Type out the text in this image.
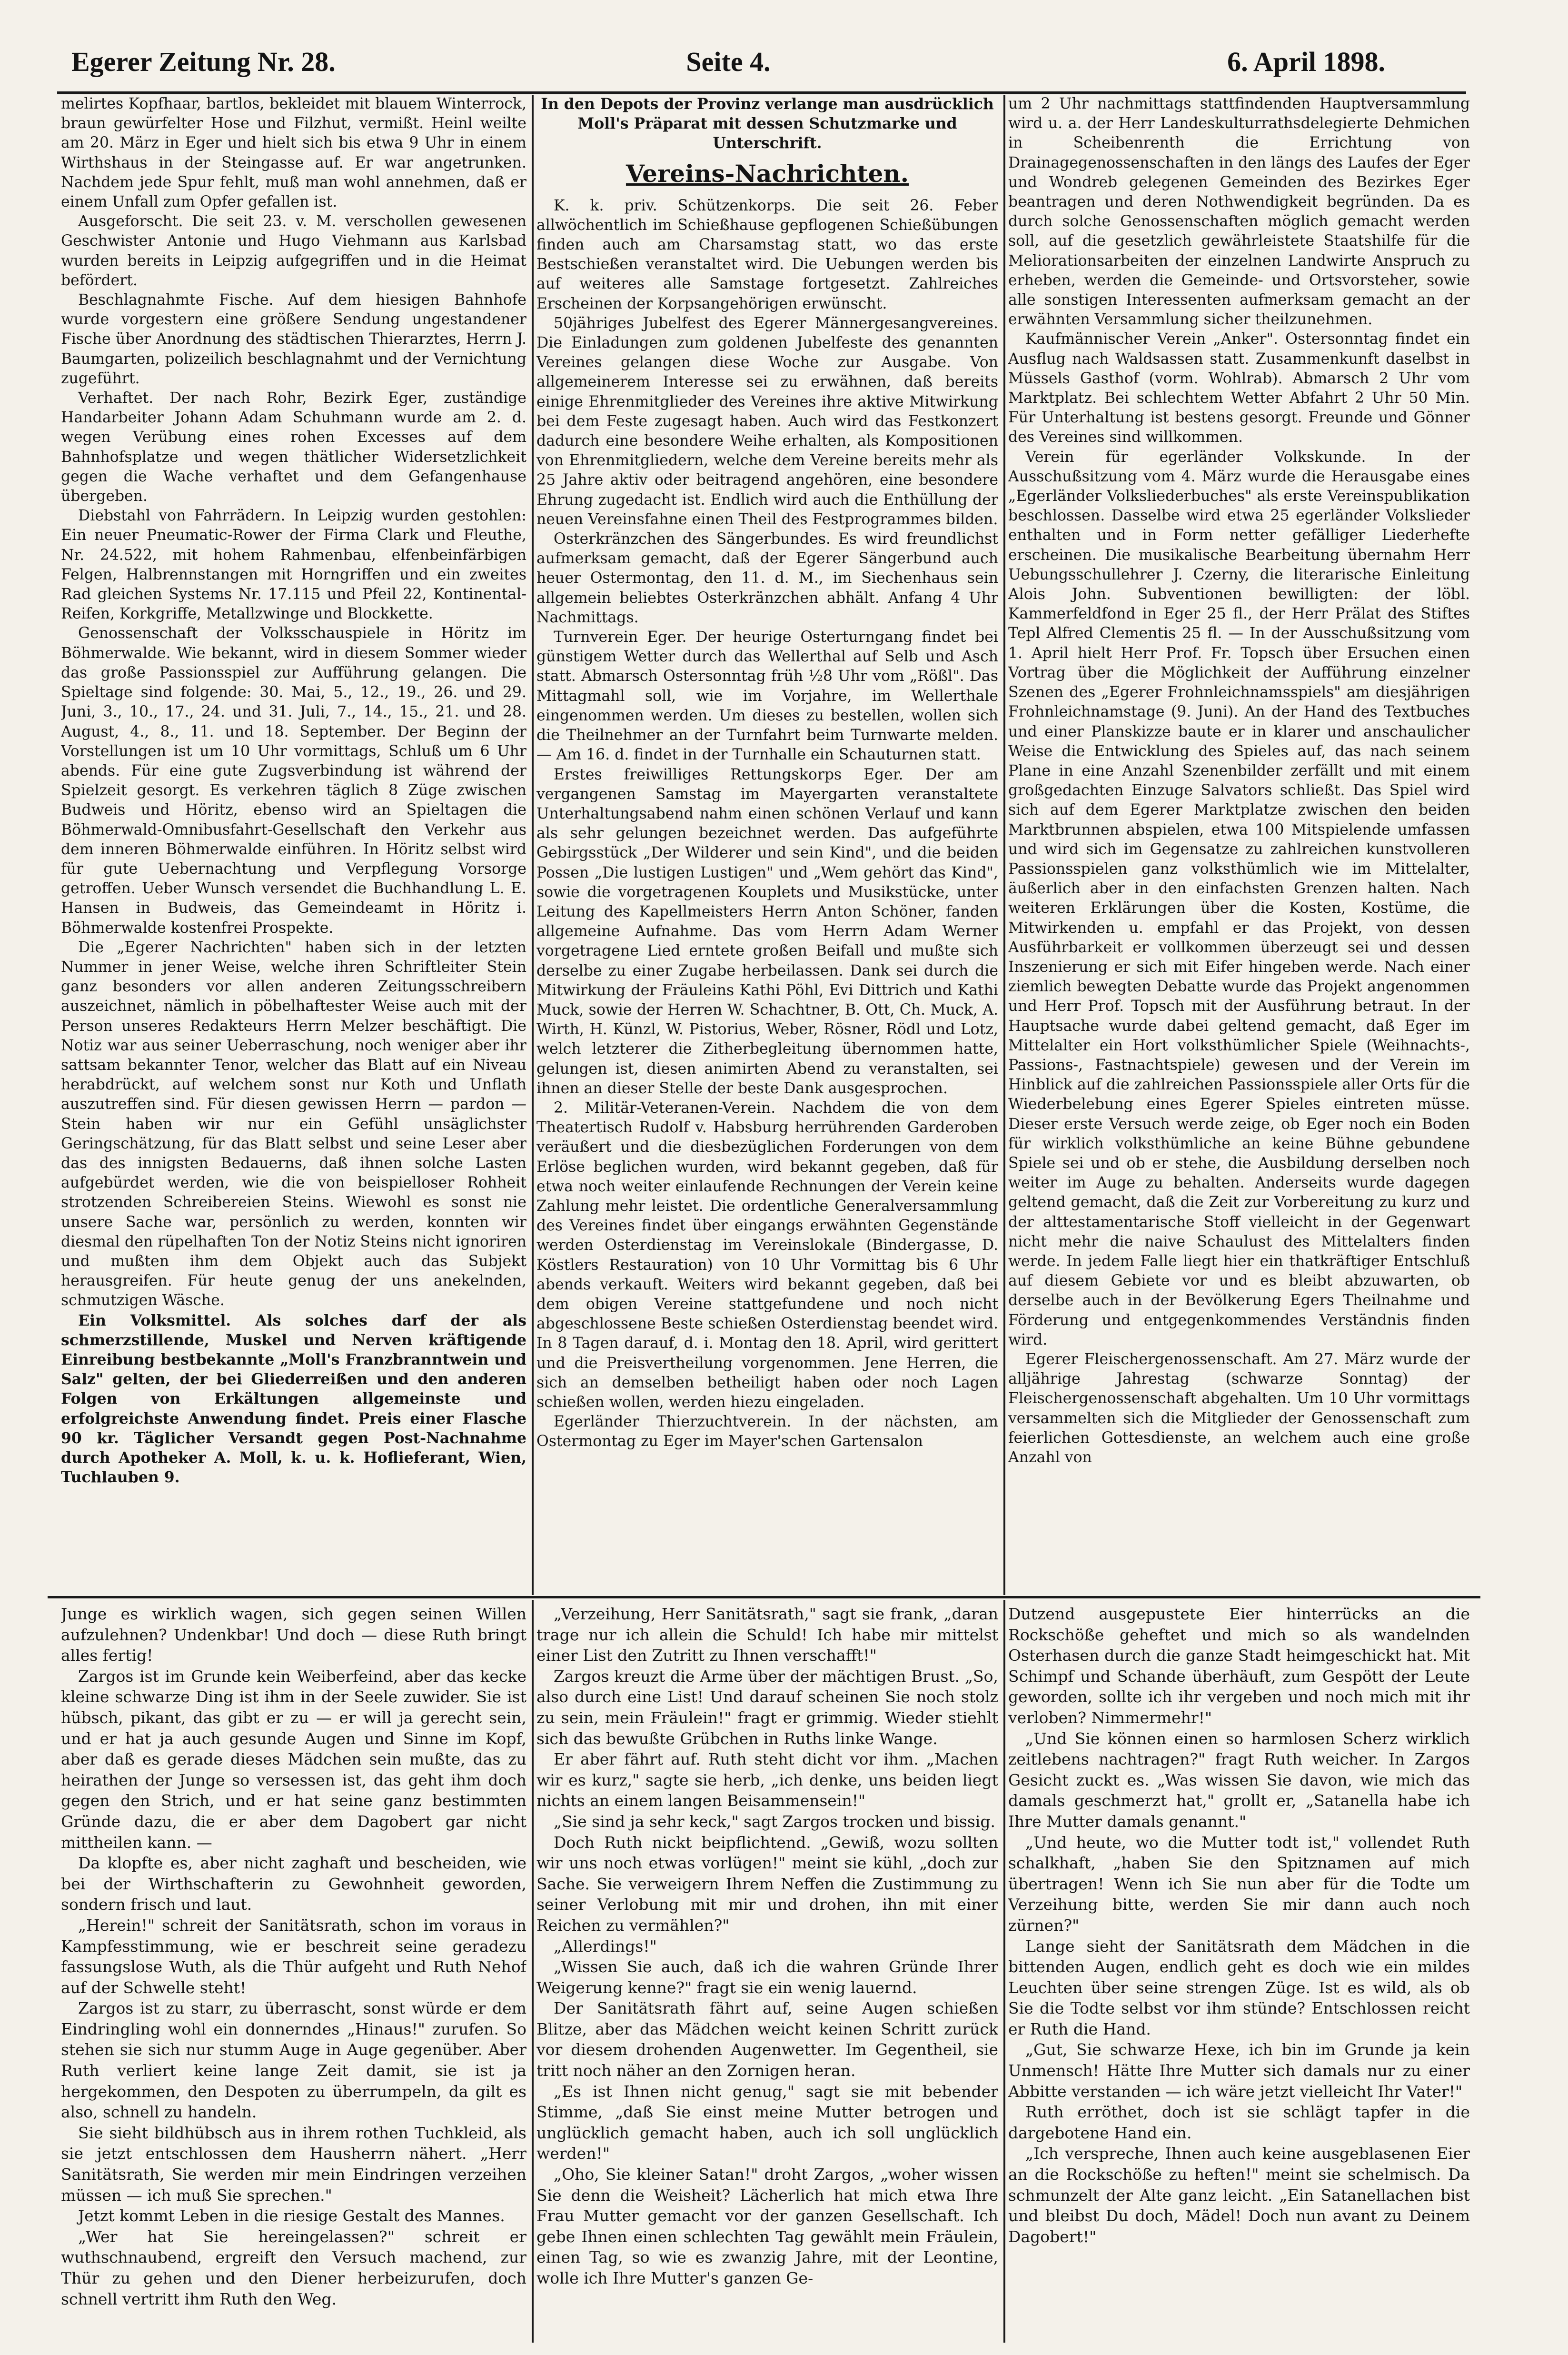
Egerer Zeitung Nr. 28.	Seite 4.	6. April 1898.

melirtes Kopfhaar, bartlos, bekleidet mit blauem Winterrock, braun gewürfelter Hose und Filzhut, vermißt. Heinl weilte am 20. März in Eger und hielt sich bis etwa 9 Uhr in einem Wirthshaus in der Steingasse auf. Er war angetrunken. Nachdem jede Spur fehlt, muß man wohl annehmen, daß er einem Unfall zum Opfer gefallen ist.

Ausgeforscht. Die seit 23. v. M. verschollen gewesenen Geschwister Antonie und Hugo Viehmann aus Karlsbad wurden bereits in Leipzig aufgegriffen und in die Heimat befördert.

Beschlagnahmte Fische. Auf dem hiesigen Bahnhofe wurde vorgestern eine größere Sendung ungestandener Fische über Anordnung des städtischen Thierarztes, Herrn J. Baumgarten, polizeilich beschlagnahmt und der Vernichtung zugeführt.

Verhaftet. Der nach Rohr, Bezirk Eger, zuständige Handarbeiter Johann Adam Schuhmann wurde am 2. d. wegen Verübung eines rohen Excesses auf dem Bahnhofsplatze und wegen thätlicher Widersetzlichkeit gegen die Wache verhaftet und dem Gefangenhause übergeben.

Diebstahl von Fahrrädern. In Leipzig wurden gestohlen: Ein neuer Pneumatic-Rower der Firma Clark und Fleuthe, Nr. 24.522, mit hohem Rahmenbau, elfenbeinfärbigen Felgen, Halbrennstangen mit Horngriffen und ein zweites Rad gleichen Systems Nr. 17.115 und Pfeil 22, Kontinental-Reifen, Korkgriffe, Metallzwinge und Blockkette.

Genossenschaft der Volksschauspiele in Höritz im Böhmerwalde. Wie bekannt, wird in diesem Sommer wieder das große Passionsspiel zur Aufführung gelangen. Die Spieltage sind folgende: 30. Mai, 5., 12., 19., 26. und 29. Juni, 3., 10., 17., 24. und 31. Juli, 7., 14., 15., 21. und 28. August, 4., 8., 11. und 18. September. Der Beginn der Vorstellungen ist um 10 Uhr vormittags, Schluß um 6 Uhr abends. Für eine gute Zugsverbindung ist während der Spielzeit gesorgt. Es verkehren täglich 8 Züge zwischen Budweis und Höritz, ebenso wird an Spieltagen die Böhmerwald-Omnibusfahrt-Gesellschaft den Verkehr aus dem inneren Böhmerwalde einführen. In Höritz selbst wird für gute Uebernachtung und Verpflegung Vorsorge getroffen. Ueber Wunsch versendet die Buchhandlung L. E. Hansen in Budweis, das Gemeindeamt in Höritz i. Böhmerwalde kostenfrei Prospekte.

Die „Egerer Nachrichten" haben sich in der letzten Nummer in jener Weise, welche ihren Schriftleiter Stein ganz besonders vor allen anderen Zeitungsschreibern auszeichnet, nämlich in pöbelhaftester Weise auch mit der Person unseres Redakteurs Herrn Melzer beschäftigt. Die Notiz war aus seiner Ueberraschung, noch weniger aber ihr sattsam bekannter Tenor, welcher das Blatt auf ein Niveau herabdrückt, auf welchem sonst nur Koth und Unflath auszutreffen sind. Für diesen gewissen Herrn — pardon — Stein haben wir nur ein Gefühl unsäglichster Geringschätzung, für das Blatt selbst und seine Leser aber das des innigsten Bedauerns, daß ihnen solche Lasten aufgebürdet werden, wie die von beispielloser Rohheit strotzenden Schreibereien Steins. Wiewohl es sonst nie unsere Sache war, persönlich zu werden, konnten wir diesmal den rüpelhaften Ton der Notiz Steins nicht ignoriren und mußten ihm dem Objekt auch das Subjekt herausgreifen. Für heute genug der uns anekelnden, schmutzigen Wäsche.

Ein Volksmittel. Als solches darf der als schmerzstillende, Muskel und Nerven kräftigende Einreibung bestbekannte „Moll's Franzbranntwein und Salz" gelten, der bei Gliederreißen und den anderen Folgen von Erkältungen allgemeinste und erfolgreichste Anwendung findet. Preis einer Flasche 90 kr. Täglicher Versandt gegen Post-Nachnahme durch Apotheker A. Moll, k. u. k. Hoflieferant, Wien, Tuchlauben 9.

In den Depots der Provinz verlange man ausdrücklich Moll's Präparat mit dessen Schutzmarke und Unterschrift.

Vereins-Nachrichten.

K. k. priv. Schützenkorps. Die seit 26. Feber allwöchentlich im Schießhause gepflogenen Schießübungen finden auch am Charsamstag statt, wo das erste Bestschießen veranstaltet wird. Die Uebungen werden bis auf weiteres alle Samstage fortgesetzt. Zahlreiches Erscheinen der Korpsangehörigen erwünscht.

50jähriges Jubelfest des Egerer Männergesangvereines. Die Einladungen zum goldenen Jubelfeste des genannten Vereines gelangen diese Woche zur Ausgabe. Von allgemeinerem Interesse sei zu erwähnen, daß bereits einige Ehrenmitglieder des Vereines ihre aktive Mitwirkung bei dem Feste zugesagt haben. Auch wird das Festkonzert dadurch eine besondere Weihe erhalten, als Kompositionen von Ehrenmitgliedern, welche dem Vereine bereits mehr als 25 Jahre aktiv oder beitragend angehören, eine besondere Ehrung zugedacht ist. Endlich wird auch die Enthüllung der neuen Vereinsfahne einen Theil des Festprogrammes bilden.

Osterkränzchen des Sängerbundes. Es wird freundlichst aufmerksam gemacht, daß der Egerer Sängerbund auch heuer Ostermontag, den 11. d. M., im Siechenhaus sein allgemein beliebtes Osterkränzchen abhält. Anfang 4 Uhr Nachmittags.

Turnverein Eger. Der heurige Osterturngang findet bei günstigem Wetter durch das Wellerthal auf Selb und Asch statt. Abmarsch Ostersonntag früh ½8 Uhr vom „Rößl". Das Mittagmahl soll, wie im Vorjahre, im Wellerthale eingenommen werden. Um dieses zu bestellen, wollen sich die Theilnehmer an der Turnfahrt beim Turnwarte melden. — Am 16. d. findet in der Turnhalle ein Schauturnen statt.

Erstes freiwilliges Rettungskorps Eger. Der am vergangenen Samstag im Mayergarten veranstaltete Unterhaltungsabend nahm einen schönen Verlauf und kann als sehr gelungen bezeichnet werden. Das aufgeführte Gebirgsstück „Der Wilderer und sein Kind", und die beiden Possen „Die lustigen Lustigen" und „Wem gehört das Kind", sowie die vorgetragenen Kouplets und Musikstücke, unter Leitung des Kapellmeisters Herrn Anton Schöner, fanden allgemeine Aufnahme. Das vom Herrn Adam Werner vorgetragene Lied erntete großen Beifall und mußte sich derselbe zu einer Zugabe herbeilassen. Dank sei durch die Mitwirkung der Fräuleins Kathi Pöhl, Evi Dittrich und Kathi Muck, sowie der Herren W. Schachtner, B. Ott, Ch. Muck, A. Wirth, H. Künzl, W. Pistorius, Weber, Rösner, Rödl und Lotz, welch letzterer die Zitherbegleitung übernommen hatte, gelungen ist, diesen animirten Abend zu veranstalten, sei ihnen an dieser Stelle der beste Dank ausgesprochen.

2. Militär-Veteranen-Verein. Nachdem die von dem Theatertisch Rudolf v. Habsburg herrührenden Garderoben veräußert und die diesbezüglichen Forderungen von dem Erlöse beglichen wurden, wird bekannt gegeben, daß für etwa noch weiter einlaufende Rechnungen der Verein keine Zahlung mehr leistet. Die ordentliche Generalversammlung des Vereines findet über eingangs erwähnten Gegenstände werden Osterdienstag im Vereinslokale (Bindergasse, D. Köstlers Restauration) von 10 Uhr Vormittag bis 6 Uhr abends verkauft. Weiters wird bekannt gegeben, daß bei dem obigen Vereine stattgefundene und noch nicht abgeschlossene Beste schießen Osterdienstag beendet wird. In 8 Tagen darauf, d. i. Montag den 18. April, wird gerittert und die Preisvertheilung vorgenommen. Jene Herren, die sich an demselben betheiligt haben oder noch Lagen schießen wollen, werden hiezu eingeladen.

Egerländer Thierzuchtverein. In der nächsten, am Ostermontag zu Eger im Mayer'schen Gartensalon

um 2 Uhr nachmittags stattfindenden Hauptversammlung wird u. a. der Herr Landeskulturrathsdelegierte Dehmichen in Scheibenrenth die Errichtung von Drainagegenossenschaften in den längs des Laufes der Eger und Wondreb gelegenen Gemeinden des Bezirkes Eger beantragen und deren Nothwendigkeit begründen. Da es durch solche Genossenschaften möglich gemacht werden soll, auf die gesetzlich gewährleistete Staatshilfe für die Meliorationsarbeiten der einzelnen Landwirte Anspruch zu erheben, werden die Gemeinde- und Ortsvorsteher, sowie alle sonstigen Interessenten aufmerksam gemacht an der erwähnten Versammlung sicher theilzunehmen.

Kaufmännischer Verein „Anker". Ostersonntag findet ein Ausflug nach Waldsassen statt. Zusammenkunft daselbst in Müssels Gasthof (vorm. Wohlrab). Abmarsch 2 Uhr vom Marktplatz. Bei schlechtem Wetter Abfahrt 2 Uhr 50 Min. Für Unterhaltung ist bestens gesorgt. Freunde und Gönner des Vereines sind willkommen.

Verein für egerländer Volkskunde. In der Ausschußsitzung vom 4. März wurde die Herausgabe eines „Egerländer Volksliederbuches" als erste Vereinspublikation beschlossen. Dasselbe wird etwa 25 egerländer Volkslieder enthalten und in Form netter gefälliger Liederhefte erscheinen. Die musikalische Bearbeitung übernahm Herr Uebungsschullehrer J. Czerny, die literarische Einleitung Alois John. Subventionen bewilligten: der löbl. Kammerfeldfond in Eger 25 fl., der Herr Prälat des Stiftes Tepl Alfred Clementis 25 fl. — In der Ausschußsitzung vom 1. April hielt Herr Prof. Fr. Topsch über Ersuchen einen Vortrag über die Möglichkeit der Aufführung einzelner Szenen des „Egerer Frohnleichnamsspiels" am diesjährigen Frohnleichnamstage (9. Juni). An der Hand des Textbuches und einer Planskizze baute er in klarer und anschaulicher Weise die Entwicklung des Spieles auf, das nach seinem Plane in eine Anzahl Szenenbilder zerfällt und mit einem großgedachten Einzuge Salvators schließt. Das Spiel wird sich auf dem Egerer Marktplatze zwischen den beiden Marktbrunnen abspielen, etwa 100 Mitspielende umfassen und wird sich im Gegensatze zu zahlreichen kunstvolleren Passionsspielen ganz volksthümlich wie im Mittelalter, äußerlich aber in den einfachsten Grenzen halten. Nach weiteren Erklärungen über die Kosten, Kostüme, die Mitwirkenden u. empfahl er das Projekt, von dessen Ausführbarkeit er vollkommen überzeugt sei und dessen Inszenierung er sich mit Eifer hingeben werde. Nach einer ziemlich bewegten Debatte wurde das Projekt angenommen und Herr Prof. Topsch mit der Ausführung betraut. In der Hauptsache wurde dabei geltend gemacht, daß Eger im Mittelalter ein Hort volksthümlicher Spiele (Weihnachts-, Passions-, Fastnachtspiele) gewesen und der Verein im Hinblick auf die zahlreichen Passionsspiele aller Orts für die Wiederbelebung eines Egerer Spieles eintreten müsse. Dieser erste Versuch werde zeige, ob Eger noch ein Boden für wirklich volksthümliche an keine Bühne gebundene Spiele sei und ob er stehe, die Ausbildung derselben noch weiter im Auge zu behalten. Anderseits wurde dagegen geltend gemacht, daß die Zeit zur Vorbereitung zu kurz und der alttestamentarische Stoff vielleicht in der Gegenwart nicht mehr die naive Schaulust des Mittelalters finden werde. In jedem Falle liegt hier ein thatkräftiger Entschluß auf diesem Gebiete vor und es bleibt abzuwarten, ob derselbe auch in der Bevölkerung Egers Theilnahme und Förderung und entgegenkommendes Verständnis finden wird.

Egerer Fleischergenossenschaft. Am 27. März wurde der alljährige Jahrestag (schwarze Sonntag) der Fleischergenossenschaft abgehalten. Um 10 Uhr vormittags versammelten sich die Mitglieder der Genossenschaft zum feierlichen Gottesdienste, an welchem auch eine große Anzahl von

Junge es wirklich wagen, sich gegen seinen Willen aufzulehnen? Undenkbar! Und doch — diese Ruth bringt alles fertig!

Zargos ist im Grunde kein Weiberfeind, aber das kecke kleine schwarze Ding ist ihm in der Seele zuwider. Sie ist hübsch, pikant, das gibt er zu — er will ja gerecht sein, und er hat ja auch gesunde Augen und Sinne im Kopf, aber daß es gerade dieses Mädchen sein mußte, das zu heirathen der Junge so versessen ist, das geht ihm doch gegen den Strich, und er hat seine ganz bestimmten Gründe dazu, die er aber dem Dagobert gar nicht mittheilen kann. —

Da klopfte es, aber nicht zaghaft und bescheiden, wie bei der Wirthschafterin zu Gewohnheit geworden, sondern frisch und laut.

„Herein!" schreit der Sanitätsrath, schon im voraus in Kampfesstimmung, wie er beschreit seine geradezu fassungslose Wuth, als die Thür aufgeht und Ruth Nehof auf der Schwelle steht!

Zargos ist zu starr, zu überrascht, sonst würde er dem Eindringling wohl ein donnerndes „Hinaus!" zurufen. So stehen sie sich nur stumm Auge in Auge gegenüber. Aber Ruth verliert keine lange Zeit damit, sie ist ja hergekommen, den Despoten zu überrumpeln, da gilt es also, schnell zu handeln.

Sie sieht bildhübsch aus in ihrem rothen Tuchkleid, als sie jetzt entschlossen dem Hausherrn nähert. „Herr Sanitätsrath, Sie werden mir mein Eindringen verzeihen müssen — ich muß Sie sprechen."

Jetzt kommt Leben in die riesige Gestalt des Mannes.

„Wer hat Sie hereingelassen?" schreit er wuthschnaubend, ergreift den Versuch machend, zur Thür zu gehen und den Diener herbeizurufen, doch schnell vertritt ihm Ruth den Weg.

„Verzeihung, Herr Sanitätsrath," sagt sie frank, „daran trage nur ich allein die Schuld! Ich habe mir mittelst einer List den Zutritt zu Ihnen verschafft!"

Zargos kreuzt die Arme über der mächtigen Brust. „So, also durch eine List! Und darauf scheinen Sie noch stolz zu sein, mein Fräulein!" fragt er grimmig. Wieder stiehlt sich das bewußte Grübchen in Ruths linke Wange.

Er aber fährt auf. Ruth steht dicht vor ihm. „Machen wir es kurz," sagte sie herb, „ich denke, uns beiden liegt nichts an einem langen Beisammensein!"

„Sie sind ja sehr keck," sagt Zargos trocken und bissig.

Doch Ruth nickt beipflichtend. „Gewiß, wozu sollten wir uns noch etwas vorlügen!" meint sie kühl, „doch zur Sache. Sie verweigern Ihrem Neffen die Zustimmung zu seiner Verlobung mit mir und drohen, ihn mit einer Reichen zu vermählen?"

„Allerdings!"

„Wissen Sie auch, daß ich die wahren Gründe Ihrer Weigerung kenne?" fragt sie ein wenig lauernd.

Der Sanitätsrath fährt auf, seine Augen schießen Blitze, aber das Mädchen weicht keinen Schritt zurück vor diesem drohenden Augenwetter. Im Gegentheil, sie tritt noch näher an den Zornigen heran.

„Es ist Ihnen nicht genug," sagt sie mit bebender Stimme, „daß Sie einst meine Mutter betrogen und unglücklich gemacht haben, auch ich soll unglücklich werden!"

„Oho, Sie kleiner Satan!" droht Zargos, „woher wissen Sie denn die Weisheit? Lächerlich hat mich etwa Ihre Frau Mutter gemacht vor der ganzen Gesellschaft. Ich gebe Ihnen einen schlechten Tag gewählt mein Fräulein, einen Tag, so wie es zwanzig Jahre, mit der Leontine, wolle ich Ihre Mutter's ganzen Ge-

Dutzend ausgepustete Eier hinterrücks an die Rockschöße geheftet und mich so als wandelnden Osterhasen durch die ganze Stadt heimgeschickt hat. Mit Schimpf und Schande überhäuft, zum Gespött der Leute geworden, sollte ich ihr vergeben und noch mich mit ihr verloben? Nimmermehr!"

„Und Sie können einen so harmlosen Scherz wirklich zeitlebens nachtragen?" fragt Ruth weicher. In Zargos Gesicht zuckt es. „Was wissen Sie davon, wie mich das damals geschmerzt hat," grollt er, „Satanella habe ich Ihre Mutter damals genannt."

„Und heute, wo die Mutter todt ist," vollendet Ruth schalkhaft, „haben Sie den Spitznamen auf mich übertragen! Wenn ich Sie nun aber für die Todte um Verzeihung bitte, werden Sie mir dann auch noch zürnen?"

Lange sieht der Sanitätsrath dem Mädchen in die bittenden Augen, endlich geht es doch wie ein mildes Leuchten über seine strengen Züge. Ist es wild, als ob Sie die Todte selbst vor ihm stünde? Entschlossen reicht er Ruth die Hand.

„Gut, Sie schwarze Hexe, ich bin im Grunde ja kein Unmensch! Hätte Ihre Mutter sich damals nur zu einer Abbitte verstanden — ich wäre jetzt vielleicht Ihr Vater!"

Ruth erröthet, doch ist sie schlägt tapfer in die dargebotene Hand ein.

„Ich verspreche, Ihnen auch keine ausgeblasenen Eier an die Rockschöße zu heften!" meint sie schelmisch. Da schmunzelt der Alte ganz leicht. „Ein Satanellachen bist und bleibst Du doch, Mädel! Doch nun avant zu Deinem Dagobert!"
